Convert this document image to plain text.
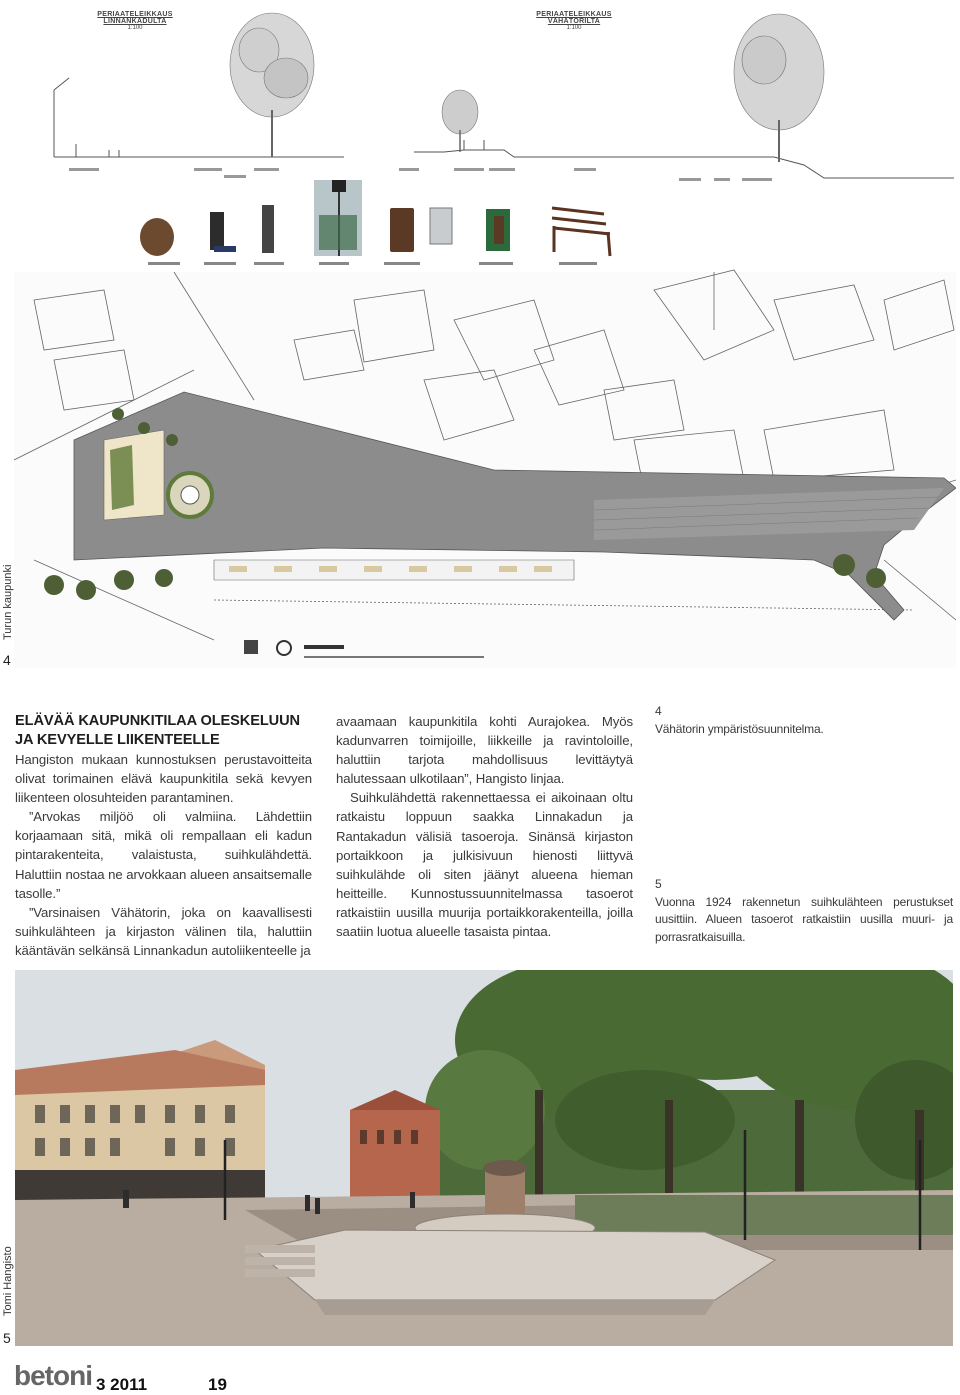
Turun kaupunki
4
Tomi Hangisto
5
PERIAATELEIKKAUS LINNANKADULTA
1:100
PERIAATELEIKKAUS VÄHÄTORILTA
1:100

ELÄVÄÄ KAUPUNKITILAA OLESKELUUN JA KEVYELLE LIIKENTEELLE

Hangiston mukaan kunnostuksen perustavoitteita olivat torimainen elävä kaupunkitila sekä kevyen liikenteen olosuhteiden parantaminen.

”Arvokas miljöö oli valmiina. Lähdettiin korjaamaan sitä, mikä oli rempallaan eli kadun pintarakenteita, valaistusta, suihkulähdettä. Haluttiin nostaa ne arvokkaan alueen ansaitsemalle tasolle.”

”Varsinaisen Vähätorin, joka on kaavallisesti suihkulähteen ja kirjaston välinen tila, haluttiin kääntävän selkänsä Linnankadun autoliikenteelle ja

avaamaan kaupunkitila kohti Aurajokea. Myös kadunvarren toimijoille, liikkeille ja ravintoloille, haluttiin tarjota mahdollisuus levittäytyä halutessaan ulkotilaan”, Hangisto linjaa.

Suihkulähdettä rakennettaessa ei aikoinaan oltu ratkaistu loppuun saakka Linnakadun ja Rantakadun välisiä tasoeroja. Sinänsä kirjaston portaikkoon ja julkisivuun hienosti liittyvä suihkulähde oli siten jäänyt alueena hieman heitteille. Kunnostussuunnitelmassa tasoerot ratkaistiin uusilla muurija portaikkorakenteilla, joilla saatiin luotua alueelle tasaista pintaa.

4
Vähätorin ympäristösuunnitelma.
5
Vuonna 1924 rakennetun suihkulähteen perustukset uusittiin. Alueen tasoerot ratkaistiin uusilla muuri- ja porrasratkaisuilla.
betoni 3 2011	19
